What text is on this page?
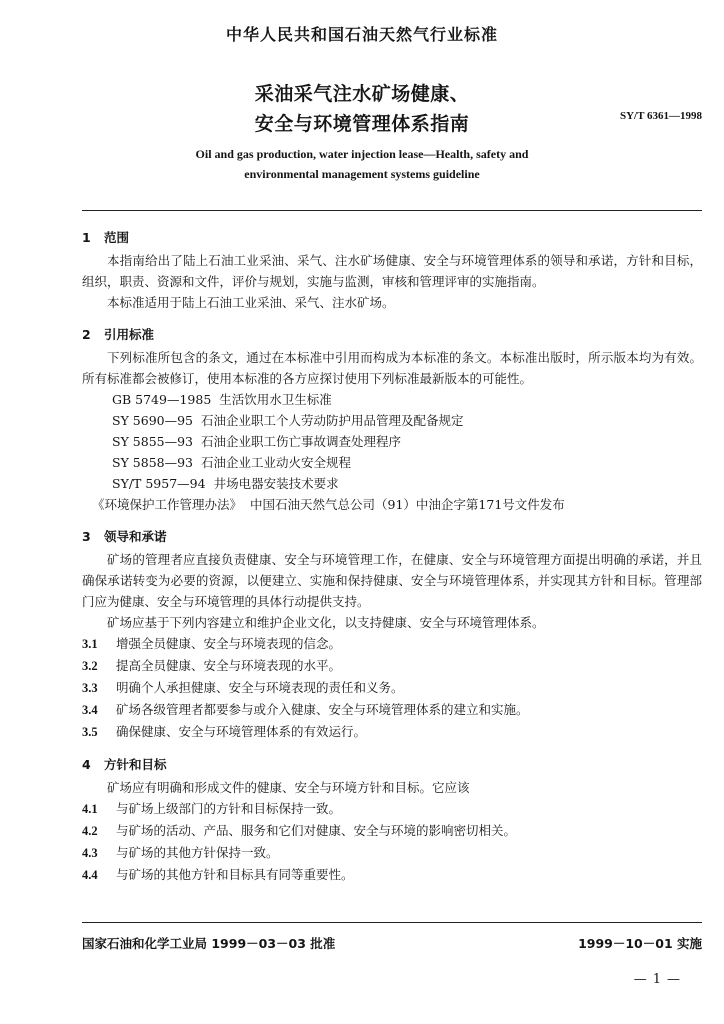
中华人民共和国石油天然气行业标准
采油采气注水矿场健康、
安全与环境管理体系指南	SY/T 6361—1998
Oil and gas production, water injection lease—Health, safety and
environmental management systems guideline
1 范围

本指南给出了陆上石油工业采油、采气、注水矿场健康、安全与环境管理体系的领导和承诺，方针和目标，组织，职责、资源和文件，评价与规划，实施与监测，审核和管理评审的实施指南。

本标准适用于陆上石油工业采油、采气、注水矿场。

2 引用标准

下列标准所包含的条文，通过在本标准中引用而构成为本标准的条文。本标准出版时，所示版本均为有效。所有标准都会被修订，使用本标准的各方应探讨使用下列标准最新版本的可能性。

GB 5749—1985 生活饮用水卫生标准
SY 5690—95 石油企业职工个人劳动防护用品管理及配备规定
SY 5855—93 石油企业职工伤亡事故调查处理程序
SY 5858—93 石油企业工业动火安全规程
SY/T 5957—94 井场电器安装技术要求
《环境保护工作管理办法》 中国石油天然气总公司（91）中油企字第171号文件发布
3 领导和承诺

矿场的管理者应直接负责健康、安全与环境管理工作，在健康、安全与环境管理方面提出明确的承诺，并且确保承诺转变为必要的资源，以便建立、实施和保持健康、安全与环境管理体系，并实现其方针和目标。管理部门应为健康、安全与环境管理的具体行动提供支持。

矿场应基于下列内容建立和维护企业文化，以支持健康、安全与环境管理体系。

3.1 增强全员健康、安全与环境表现的信念。

3.2 提高全员健康、安全与环境表现的水平。

3.3 明确个人承担健康、安全与环境表现的责任和义务。

3.4 矿场各级管理者都要参与或介入健康、安全与环境管理体系的建立和实施。

3.5 确保健康、安全与环境管理体系的有效运行。

4 方针和目标

矿场应有明确和形成文件的健康、安全与环境方针和目标。它应该

4.1 与矿场上级部门的方针和目标保持一致。

4.2 与矿场的活动、产品、服务和它们对健康、安全与环境的影响密切相关。

4.3 与矿场的其他方针保持一致。

4.4 与矿场的其他方针和目标具有同等重要性。

国家石油和化学工业局 1999－03－03 批准	1999－10－01 实施
—1—
